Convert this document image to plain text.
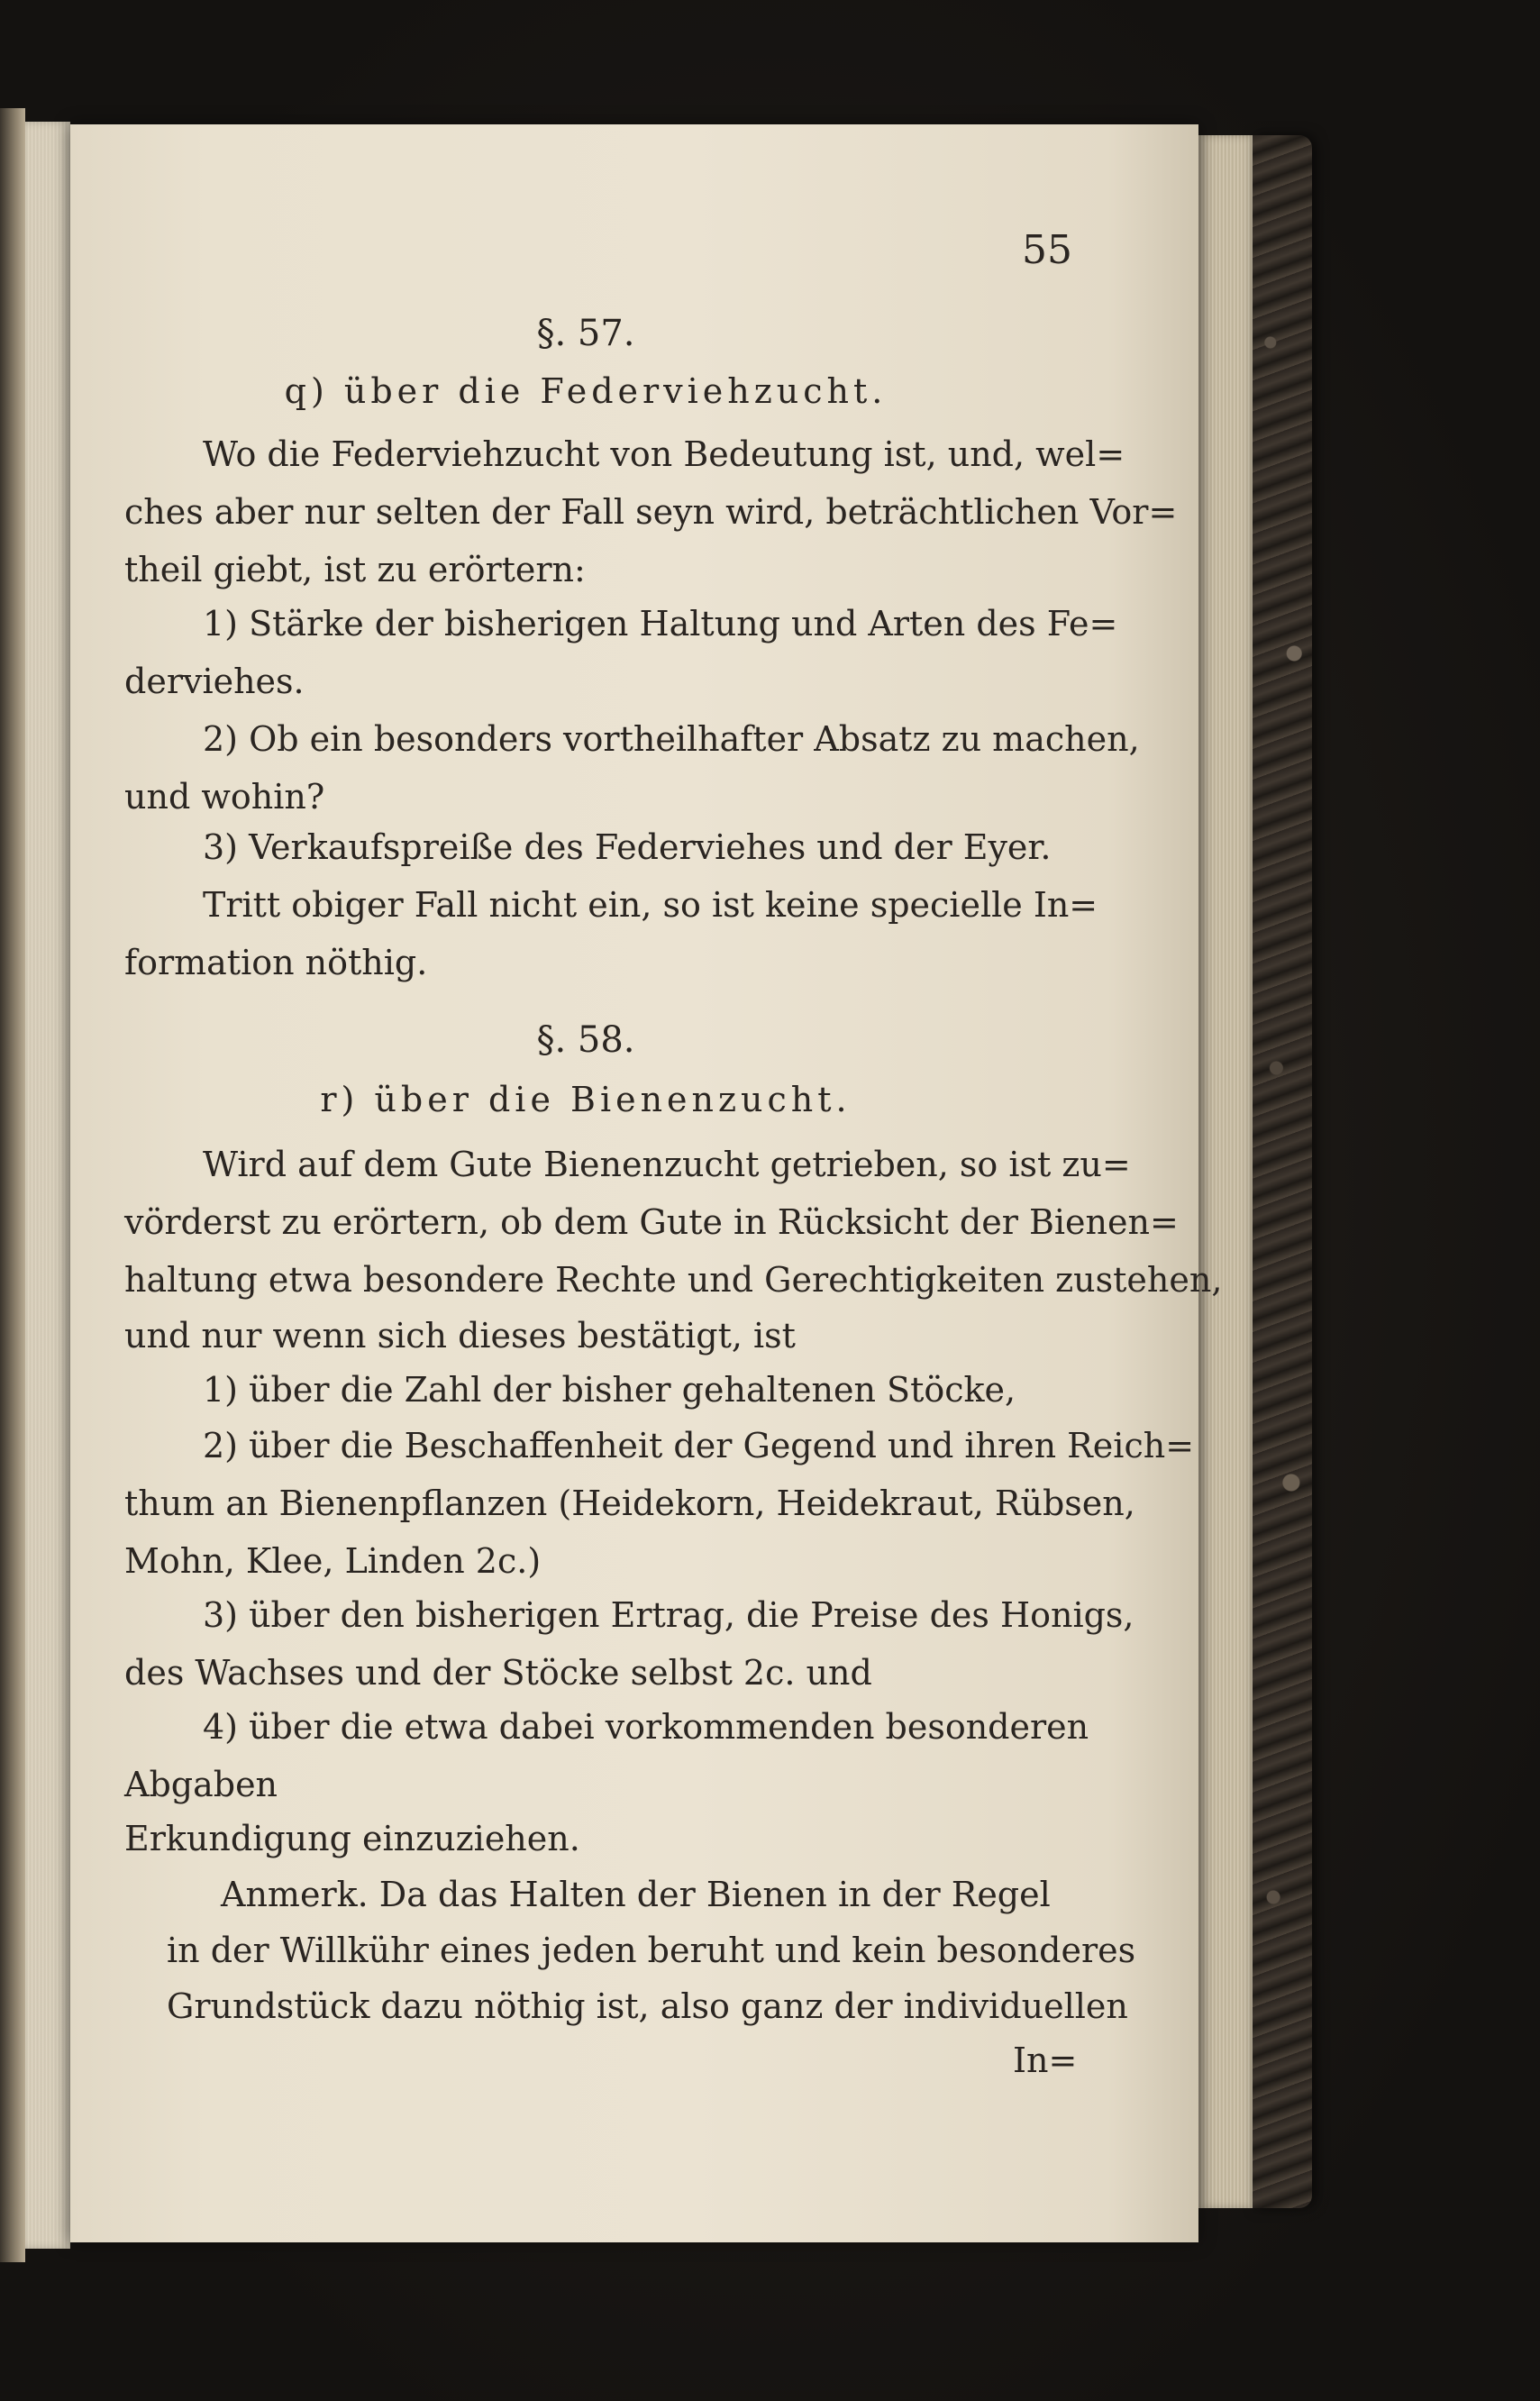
55
§. 57.
q) über die Federviehzucht.
Wo die Federviehzucht von Bedeutung ist, und, wel=
ches aber nur selten der Fall seyn wird, beträchtlichen Vor=
theil giebt, ist zu erörtern:
1) Stärke der bisherigen Haltung und Arten des Fe=
derviehes.
2) Ob ein besonders vortheilhafter Absatz zu machen,
und wohin?
3) Verkaufspreiße des Federviehes und der Eyer.
Tritt obiger Fall nicht ein, so ist keine specielle In=
formation nöthig.
§. 58.
r) über die Bienenzucht.
Wird auf dem Gute Bienenzucht getrieben, so ist zu=
vörderst zu erörtern, ob dem Gute in Rücksicht der Bienen=
haltung etwa besondere Rechte und Gerechtigkeiten zustehen,
und nur wenn sich dieses bestätigt, ist
1) über die Zahl der bisher gehaltenen Stöcke,
2) über die Beschaffenheit der Gegend und ihren Reich=
thum an Bienenpflanzen (Heidekorn, Heidekraut, Rübsen,
Mohn, Klee, Linden 2c.)
3) über den bisherigen Ertrag, die Preise des Honigs,
des Wachses und der Stöcke selbst 2c. und
4) über die etwa dabei vorkommenden besonderen
Abgaben
Erkundigung einzuziehen.
Anmerk. Da das Halten der Bienen in der Regel
in der Willkühr eines jeden beruht und kein besonderes
Grundstück dazu nöthig ist, also ganz der individuellen
In=
